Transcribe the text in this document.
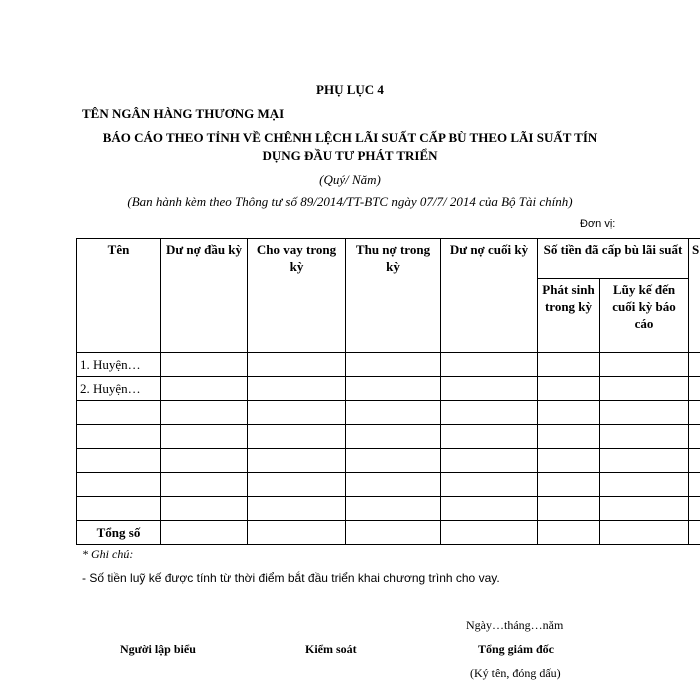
PHỤ LỤC 4
TÊN NGÂN HÀNG THƯƠNG MẠI
BÁO CÁO THEO TỈNH VỀ CHÊNH LỆCH LÃI SUẤT CẤP BÙ THEO LÃI SUẤT TÍN
DỤNG ĐẦU TƯ PHÁT TRIỂN
(Quý/ Năm)
(Ban hành kèm theo Thông tư số 89/2014/TT-BTC ngày 07/7/ 2014 của Bộ Tài chính)
Đơn vị:
Tên	Dư nợ đầu kỳ	Cho vay trong kỳ	Thu nợ trong kỳ	Dư nợ cuối kỳ	Số tiền đã cấp bù lãi suất		S
					Phát sinh trong kỳ	Lũy kế đến cuối kỳ báo cáo	
1. Huyện…							
2. Huyện…							

Tổng số							
* Ghi chú:
- Số tiền luỹ kế được tính từ thời điểm bắt đầu triển khai chương trình cho vay.
Ngày…tháng…năm
Người lập biểu	Kiểm soát	Tổng giám đốc
(Ký tên, đóng dấu)
